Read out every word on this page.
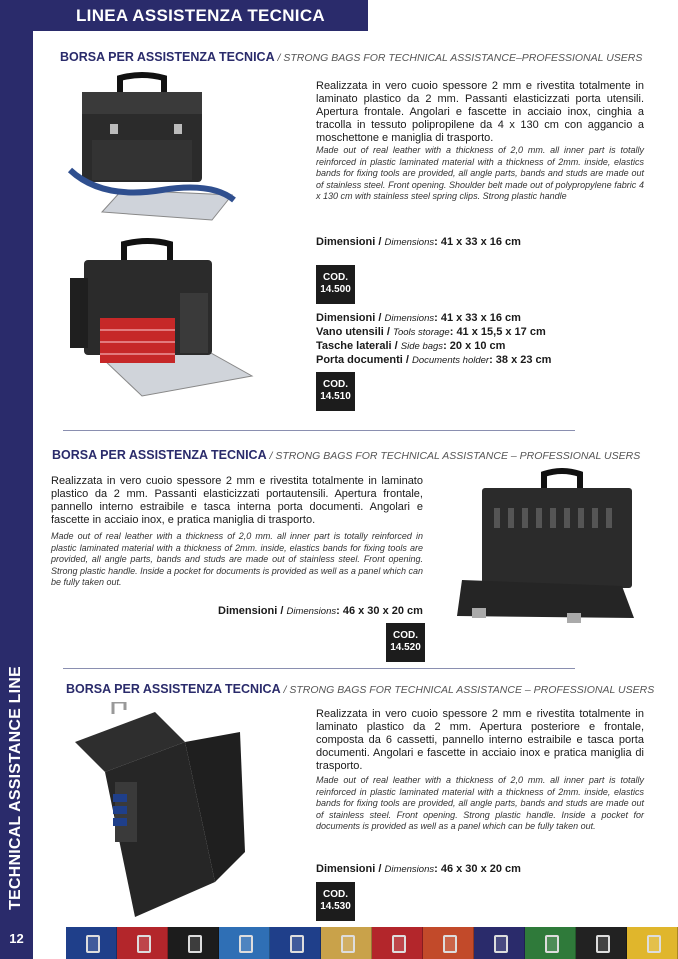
TECHNICAL ASSISTANCE LINE
12
LINEA ASSISTENZA TECNICA
BORSA PER ASSISTENZA TECNICA / STRONG BAGS FOR TECHNICAL ASSISTANCE–PROFESSIONAL USERS
Realizzata in vero cuoio spessore 2 mm e rivestita totalmente in laminato plastico da 2 mm. Passanti elasticizzati porta utensili. Apertura frontale. Angolari e fascette in acciaio inox, cinghia a tracolla in tessuto polipropilene da 4 x 130 cm con aggancio a moschettone e maniglia di trasporto.
Made out of real leather with a thickness of 2,0 mm. all inner part is totally reinforced in plastic laminated material with a thickness of 2mm. inside, elastics bands for fixing tools are provided, all angle parts, bands and studs are made out of stainless steel. Front opening. Shoulder belt made out of polypropylene fabric 4 x 130 cm with stainless steel spring clips. Strong plastic handle
Dimensioni / Dimensions: 41 x 33 x 16 cm
COD.
14.500
Dimensioni / Dimensions: 41 x 33 x 16 cm
Vano utensili / Tools storage: 41 x 15,5 x 17 cm
Tasche laterali / Side bags: 20 x 10 cm
Porta documenti / Documents holder: 38 x 23 cm
COD.
14.510
BORSA PER ASSISTENZA TECNICA / STRONG BAGS FOR TECHNICAL ASSISTANCE – PROFESSIONAL USERS
Realizzata in vero cuoio spessore 2 mm e rivestita totalmente in laminato plastico da 2 mm. Passanti elasticizzati portautensili. Apertura frontale, pannello interno estraibile e tasca interna porta documenti. Angolari e fascette in acciaio inox, e pratica maniglia di trasporto.
Made out of real leather with a thickness of 2,0 mm. all inner part is totally reinforced in plastic laminated material with a thickness of 2mm. inside, elastics bands for fixing tools are provided, all angle parts, bands and studs are made out of stainless steel. Front opening. Strong plastic handle. Inside a pocket for documents is provided as well as a panel which can be fully taken out.
Dimensioni / Dimensions: 46 x 30 x 20 cm
COD.
14.520
BORSA PER ASSISTENZA TECNICA / STRONG BAGS FOR TECHNICAL ASSISTANCE – PROFESSIONAL USERS
Realizzata in vero cuoio spessore 2 mm e rivestita totalmente in laminato plastico da 2 mm. Apertura posteriore e frontale, composta da 6 cassetti, pannello interno estraibile e tasca porta documenti. Angolari e fascette in acciaio inox e pratica maniglia di trasporto.
Made out of real leather with a thickness of 2,0 mm. all inner part is totally reinforced in plastic laminated material with a thickness of 2mm. inside, elastics bands for fixing tools are provided, all angle parts, bands and studs are made out of stainless steel. Front opening. Strong plastic handle. Inside a pocket for documents is provided as well as a panel which can be fully taken out.
Dimensioni / Dimensions: 46 x 30 x 20 cm
COD.
14.530
